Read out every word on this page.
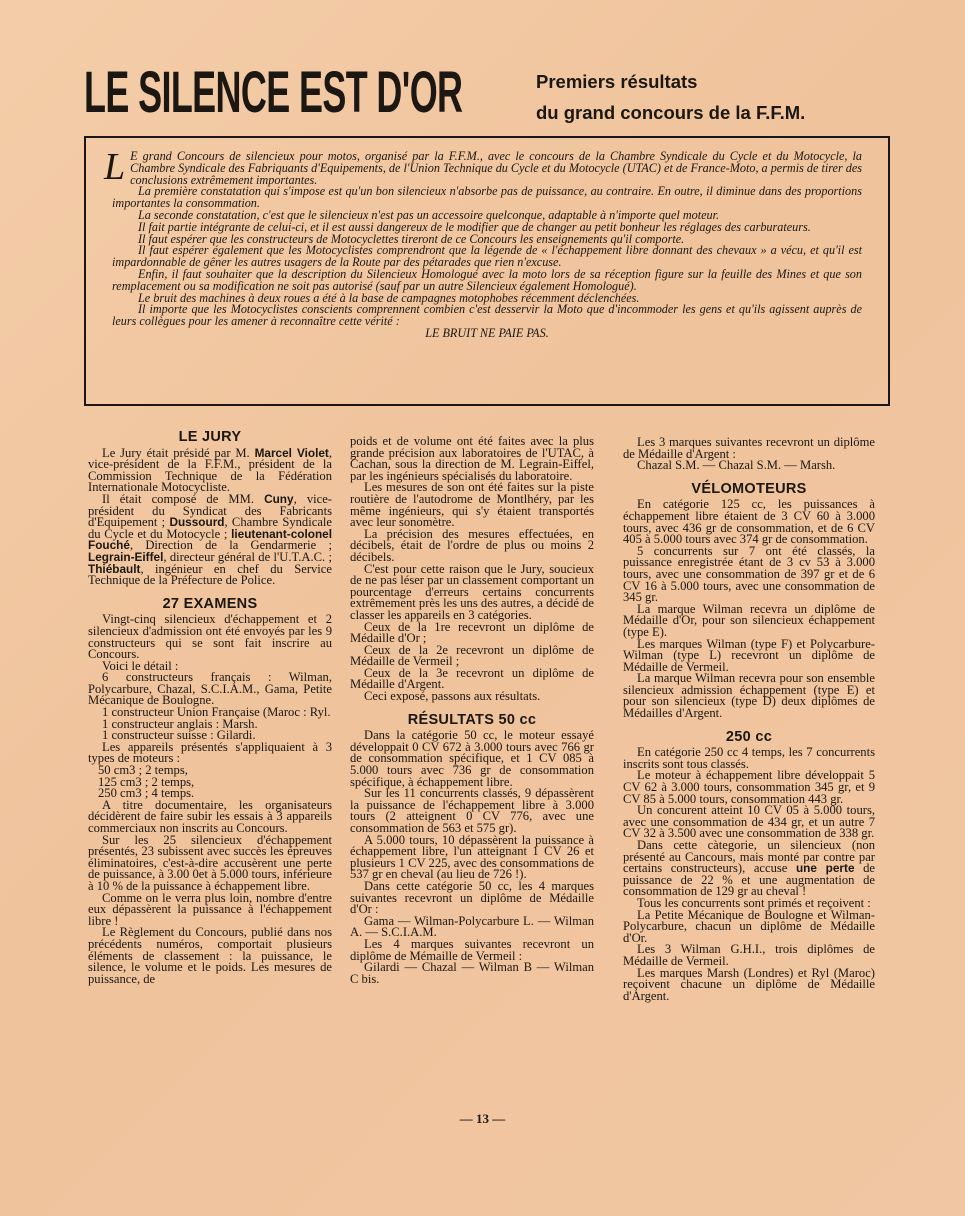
LE SILENCE EST D'OR	Premiers résultats
du grand concours de la F.F.M.

L E grand Concours de silencieux pour motos, organisé par la F.F.M., avec le concours de la Chambre Syndicale du Cycle et du Motocycle, la Chambre Syndicale des Fabriquants d'Equipements, de l'Union Technique du Cycle et du Motocycle (UTAC) et de France-Moto, a permis de tirer des conclusions extrêmement importantes.

La première constatation qui s'impose est qu'un bon silencieux n'absorbe pas de puissance, au contraire. En outre, il diminue dans des proportions importantes la consommation.

La seconde constatation, c'est que le silencieux n'est pas un accessoire quelconque, adaptable à n'importe quel moteur.

Il fait partie intégrante de celui-ci, et il est aussi dangereux de le modifier que de changer au petit bonheur les réglages des carburateurs.

Il faut espérer que les constructeurs de Motocyclettes tireront de ce Concours les enseignements qu'il comporte.

Il faut espérer également que les Motocyclistes comprendront que la légende de « l'échappement libre donnant des chevaux » a vécu, et qu'il est impardonnable de gêner les autres usagers de la Route par des pétarades que rien n'excuse.

Enfin, il faut souhaiter que la description du Silencieux Homologué avec la moto lors de sa réception figure sur la feuille des Mines et que son remplacement ou sa modification ne soit pas autorisé (sauf par un autre Silencieux également Homologué).

Le bruit des machines à deux roues a été à la base de campagnes motophobes récemment déclenchées.

Il importe que les Motocyclistes conscients comprennent combien c'est desservir la Moto que d'incommoder les gens et qu'ils agissent auprès de leurs collègues pour les amener à reconnaître cette vérité :

LE BRUIT NE PAIE PAS.

LE JURY

Le Jury était présidé par M. Marcel Violet, vice-président de la F.F.M., président de la Commission Technique de la Fédération Internationale Motocycliste.

Il était composé de MM. Cuny, vice-président du Syndicat des Fabricants d'Equipement ; Dussourd, Chambre Syndicale du Cycle et du Motocycle ; lieutenant-colonel Fouché, Direction de la Gendarmerie ; Legrain-Eiffel, directeur général de l'U.T.A.C. ; Thiébault, ingénieur en chef du Service Technique de la Préfecture de Police.

27 EXAMENS

Vingt-cinq silencieux d'échappement et 2 silencieux d'admission ont été envoyés par les 9 constructeurs qui se sont fait inscrire au Concours.

Voici le détail :

6 constructeurs français : Wilman, Polycarbure, Chazal, S.C.I.A.M., Gama, Petite Mécanique de Boulogne.

1 constructeur Union Française (Maroc : Ryl.

1 constructeur anglais : Marsh.

1 constructeur suisse : Gilardi.

Les appareils présentés s'appliquaient à 3 types de moteurs :

50 cm3 ; 2 temps,

125 cm3 ; 2 temps,

250 cm3 ; 4 temps.

A titre documentaire, les organisateurs décidèrent de faire subir les essais à 3 appareils commerciaux non inscrits au Concours.

Sur les 25 silencieux d'échappement présentés, 23 subissent avec succès les épreuves éliminatoires, c'est-à-dire accusèrent une perte de puissance, à 3.00 0et à 5.000 tours, inférieure à 10 % de la puissance à échappement libre.

Comme on le verra plus loin, nombre d'entre eux dépassèrent la puissance à l'échappement libre !

Le Règlement du Concours, publié dans nos précédents numéros, comportait plusieurs éléments de classement : la puissance, le silence, le volume et le poids. Les mesures de puissance, de

poids et de volume ont été faites avec la plus grande précision aux laboratoires de l'UTAC, à Cachan, sous la direction de M. Legrain-Eiffel, par les ingénieurs spécialisés du laboratoire.

Les mesures de son ont été faites sur la piste routière de l'autodrome de Montlhéry, par les même ingénieurs, qui s'y étaient transportés avec leur sonomètre.

La précision des mesures effectuées, en décibels, était de l'ordre de plus ou moins 2 décibels.

C'est pour cette raison que le Jury, soucieux de ne pas léser par un classement comportant un pourcentage d'erreurs certains concurrents extrêmement près les uns des autres, a décidé de classer les appareils en 3 catégories.

Ceux de la 1re recevront un diplôme de Médaille d'Or ;

Ceux de la 2e recevront un diplôme de Médaille de Vermeil ;

Ceux de la 3e recevront un diplôme de Médaille d'Argent.

Ceci exposé, passons aux résultats.

RÉSULTATS 50 cc

Dans la catégorie 50 cc, le moteur essayé développait 0 CV 672 à 3.000 tours avec 766 gr de consommation spécifique, et 1 CV 085 à 5.000 tours avec 736 gr de consommation spécifique, à échappement libre.

Sur les 11 concurrents classés, 9 dépassèrent la puissance de l'échappement libre à 3.000 tours (2 atteignent 0 CV 776, avec une consommation de 563 et 575 gr).

A 5.000 tours, 10 dépassèrent la puissance à échappement libre, l'un atteignant 1 CV 26 et plusieurs 1 CV 225, avec des consommations de 537 gr en cheval (au lieu de 726 !).

Dans cette catégorie 50 cc, les 4 marques suivantes recevront un diplôme de Médaille d'Or :

Gama — Wilman-Polycarbure L. — Wilman A. — S.C.I.A.M.

Les 4 marques suivantes recevront un diplôme de Mémaille de Vermeil :

Gilardi — Chazal — Wilman B — Wilman C bis.

Les 3 marques suivantes recevront un diplôme de Médaille d'Argent :

Chazal S.M. — Chazal S.M. — Marsh.

VÉLOMOTEURS

En catégorie 125 cc, les puissances à échappement libre étaient de 3 CV 60 à 3.000 tours, avec 436 gr de consommation, et de 6 CV 405 à 5.000 tours avec 374 gr de consommation.

5 concurrents sur 7 ont été classés, la puissance enregistrée étant de 3 cv 53 à 3.000 tours, avec une consommation de 397 gr et de 6 CV 16 à 5.000 tours, avec une consommation de 345 gr.

La marque Wilman recevra un diplôme de Médaille d'Or, pour son silencieux échappement (type E).

Les marques Wilman (type F) et Polycarbure-Wilman (type L) recevront un diplôme de Médaille de Vermeil.

La marque Wilman recevra pour son ensemble silencieux admission échappement (type E) et pour son silencieux (type D) deux diplômes de Médailles d'Argent.

250 cc

En catégorie 250 cc 4 temps, les 7 concurrents inscrits sont tous classés.

Le moteur à échappement libre développait 5 CV 62 à 3.000 tours, consommation 345 gr, et 9 CV 85 à 5.000 tours, consommation 443 gr.

Un concurent atteint 10 CV 05 à 5.000 tours, avec une consommation de 434 gr, et un autre 7 CV 32 à 3.500 avec une consommation de 338 gr.

Dans cette càtegorie, un silencieux (non présenté au Cancours, mais monté par contre par certains constructeurs), accuse une perte de puissance de 22 % et une augmentation de consommation de 129 gr au cheval !

Tous les concurrents sont primés et reçoivent :

La Petite Mécanique de Boulogne et Wilman-Polycarbure, chacun un diplôme de Médaille d'Or.

Les 3 Wilman G.H.I., trois diplômes de Médaille de Vermeil.

Les marques Marsh (Londres) et Ryl (Maroc) reçoivent chacune un diplôme de Médaille d'Argent.

— 13 —
